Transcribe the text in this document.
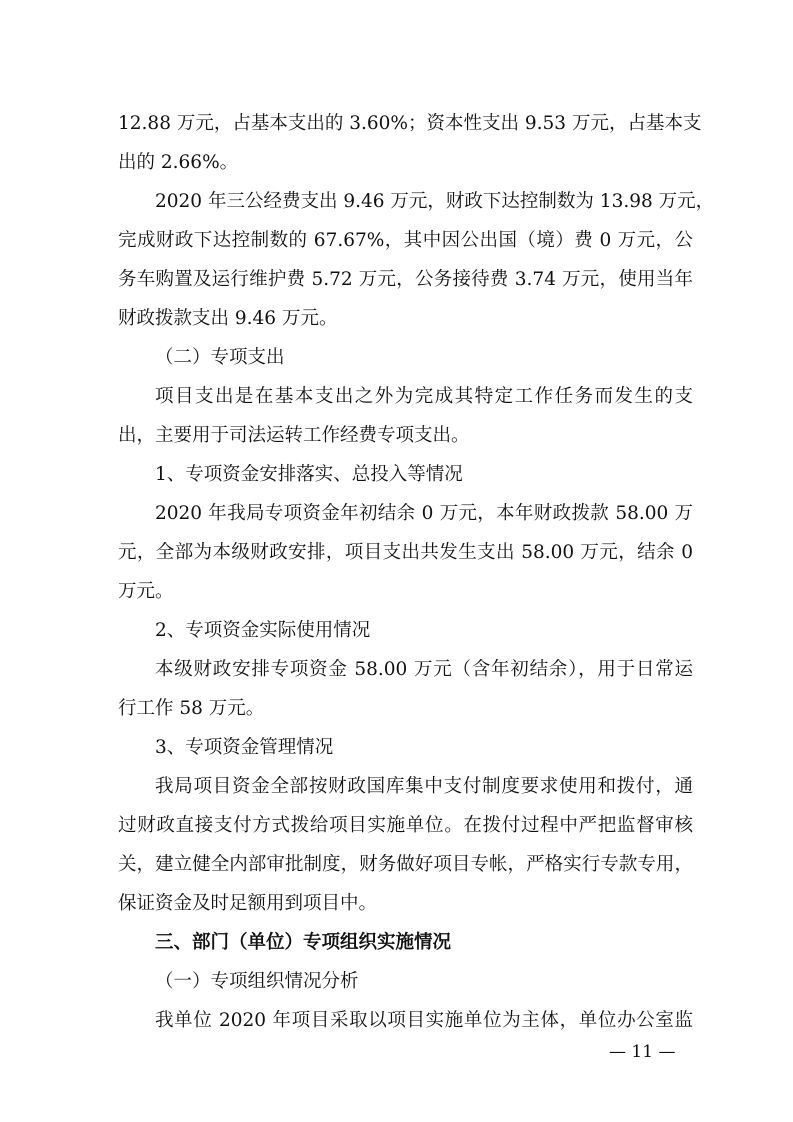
12.88 万元，占基本支出的 3.60%；资本性支出 9.53 万元，占基本支

出的 2.66%。

2020 年三公经费支出 9.46 万元，财政下达控制数为 13.98 万元，

完成财政下达控制数的 67.67%，其中因公出国（境）费 0 万元，公

务车购置及运行维护费 5.72 万元，公务接待费 3.74 万元，使用当年

财政拨款支出 9.46 万元。

（二）专项支出

项目支出是在基本支出之外为完成其特定工作任务而发生的支

出，主要用于司法运转工作经费专项支出。

1、专项资金安排落实、总投入等情况

2020 年我局专项资金年初结余 0 万元，本年财政拨款 58.00 万

元，全部为本级财政安排，项目支出共发生支出 58.00 万元，结余 0

万元。

2、专项资金实际使用情况

本级财政安排专项资金 58.00 万元（含年初结余），用于日常运

行工作 58 万元。

3、专项资金管理情况

我局项目资金全部按财政国库集中支付制度要求使用和拨付，通

过财政直接支付方式拨给项目实施单位。在拨付过程中严把监督审核

关，建立健全内部审批制度，财务做好项目专帐，严格实行专款专用，

保证资金及时足额用到项目中。

三、部门（单位）专项组织实施情况

（一）专项组织情况分析

我单位 2020 年项目采取以项目实施单位为主体，单位办公室监

— 11 —
